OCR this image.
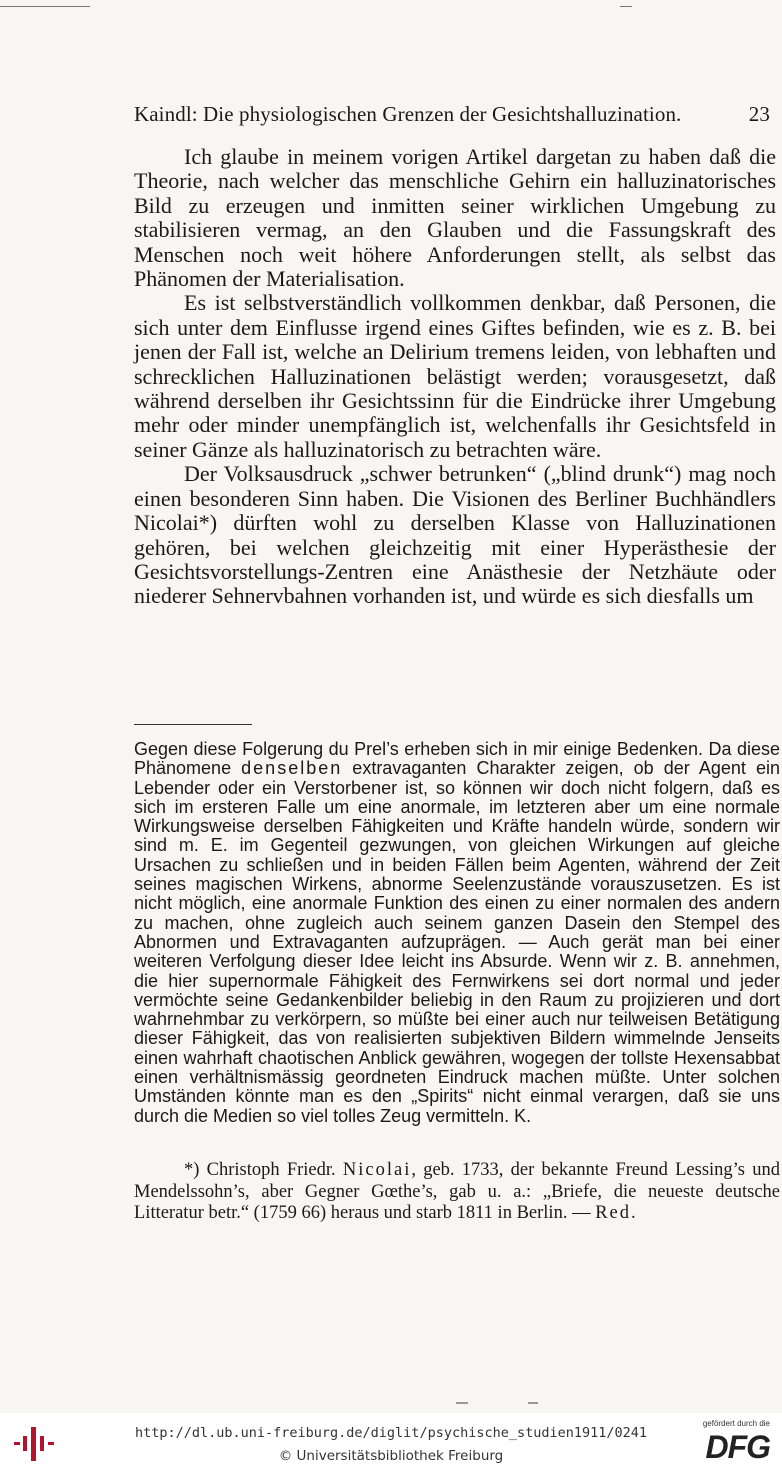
Kaindl: Die physiologischen Grenzen der Gesichtshalluzination.	23

Ich glaube in meinem vorigen Artikel dargetan zu haben daß die Theorie, nach welcher das menschliche Gehirn ein halluzinatorisches Bild zu erzeugen und inmitten seiner wirklichen Umgebung zu stabilisieren vermag, an den Glauben und die Fassungskraft des Menschen noch weit höhere Anforderungen stellt, als selbst das Phänomen der Materialisation.

Es ist selbstverständlich vollkommen denkbar, daß Personen, die sich unter dem Einflusse irgend eines Giftes befinden, wie es z. B. bei jenen der Fall ist, welche an Delirium tremens leiden, von lebhaften und schrecklichen Halluzinationen belästigt werden; vorausgesetzt, daß während derselben ihr Gesichtssinn für die Eindrücke ihrer Umgebung mehr oder minder unempfänglich ist, welchenfalls ihr Gesichtsfeld in seiner Gänze als halluzinatorisch zu betrachten wäre.

Der Volksausdruck „schwer betrunken“ („blind drunk“) mag noch einen besonderen Sinn haben. Die Visionen des Berliner Buchhändlers Nicolai*) dürften wohl zu derselben Klasse von Halluzinationen gehören, bei welchen gleichzeitig mit einer Hyperästhesie der Gesichtsvorstellungs-Zentren eine Anästhesie der Netzhäute oder niederer Sehnervbahnen vorhanden ist, und würde es sich diesfalls um

Gegen diese Folgerung du Prel’s erheben sich in mir einige Bedenken. Da diese Phänomene denselben extravaganten Charakter zeigen, ob der Agent ein Lebender oder ein Verstorbener ist, so können wir doch nicht folgern, daß es sich im ersteren Falle um eine anormale, im letzteren aber um eine normale Wirkungsweise derselben Fähigkeiten und Kräfte handeln würde, sondern wir sind m. E. im Gegenteil gezwungen, von gleichen Wirkungen auf gleiche Ursachen zu schließen und in beiden Fällen beim Agenten, während der Zeit seines magischen Wirkens, abnorme Seelenzustände vorauszusetzen. Es ist nicht möglich, eine anormale Funktion des einen zu einer normalen des andern zu machen, ohne zugleich auch seinem ganzen Dasein den Stempel des Abnormen und Extravaganten aufzuprägen. — Auch gerät man bei einer weiteren Verfolgung dieser Idee leicht ins Absurde. Wenn wir z. B. annehmen, die hier supernormale Fähigkeit des Fernwirkens sei dort normal und jeder vermöchte seine Gedankenbilder beliebig in den Raum zu projizieren und dort wahrnehmbar zu verkörpern, so müßte bei einer auch nur teilweisen Betätigung dieser Fähigkeit, das von realisierten subjektiven Bildern wimmelnde Jenseits einen wahrhaft chaotischen Anblick gewähren, wogegen der tollste Hexensabbat einen verhältnismässig geordneten Eindruck machen müßte. Unter solchen Umständen könnte man es den „Spirits“ nicht einmal verargen, daß sie uns durch die Medien so viel tolles Zeug vermitteln. K.

*) Christoph Friedr. Nicolai, geb. 1733, der bekannte Freund Lessing’s und Mendelssohn’s, aber Gegner Gœthe’s, gab u. a.: „Briefe, die neueste deutsche Litteratur betr.“ (1759 66) heraus und starb 1811 in Berlin. — Red.

http://dl.ub.uni-freiburg.de/diglit/psychische_studien1911/0241
© Universitätsbibliothek Freiburg
gefördert durch die
DFG
